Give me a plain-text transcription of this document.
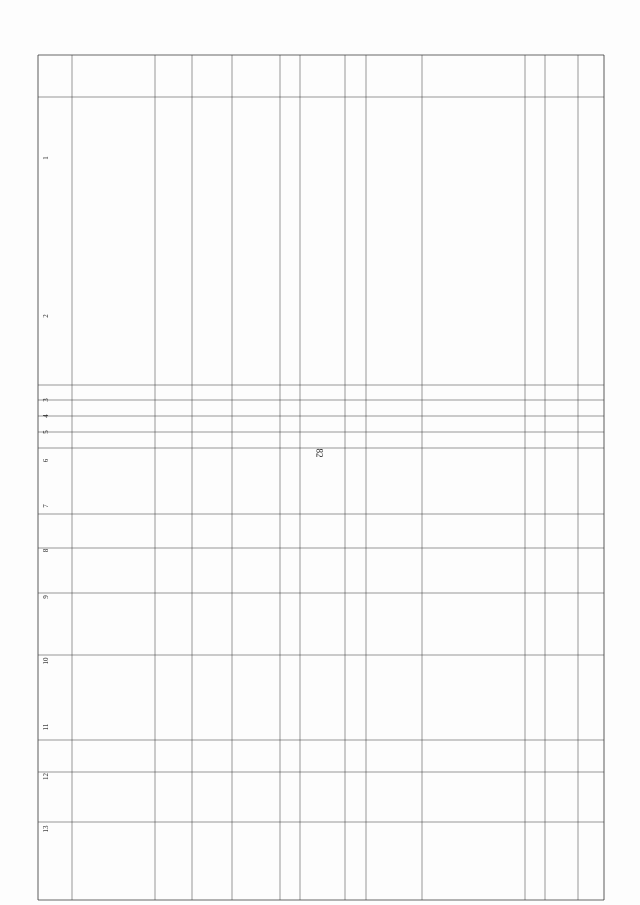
82
1
2
3
4
5
6
7
8
9
10
11
12
13
